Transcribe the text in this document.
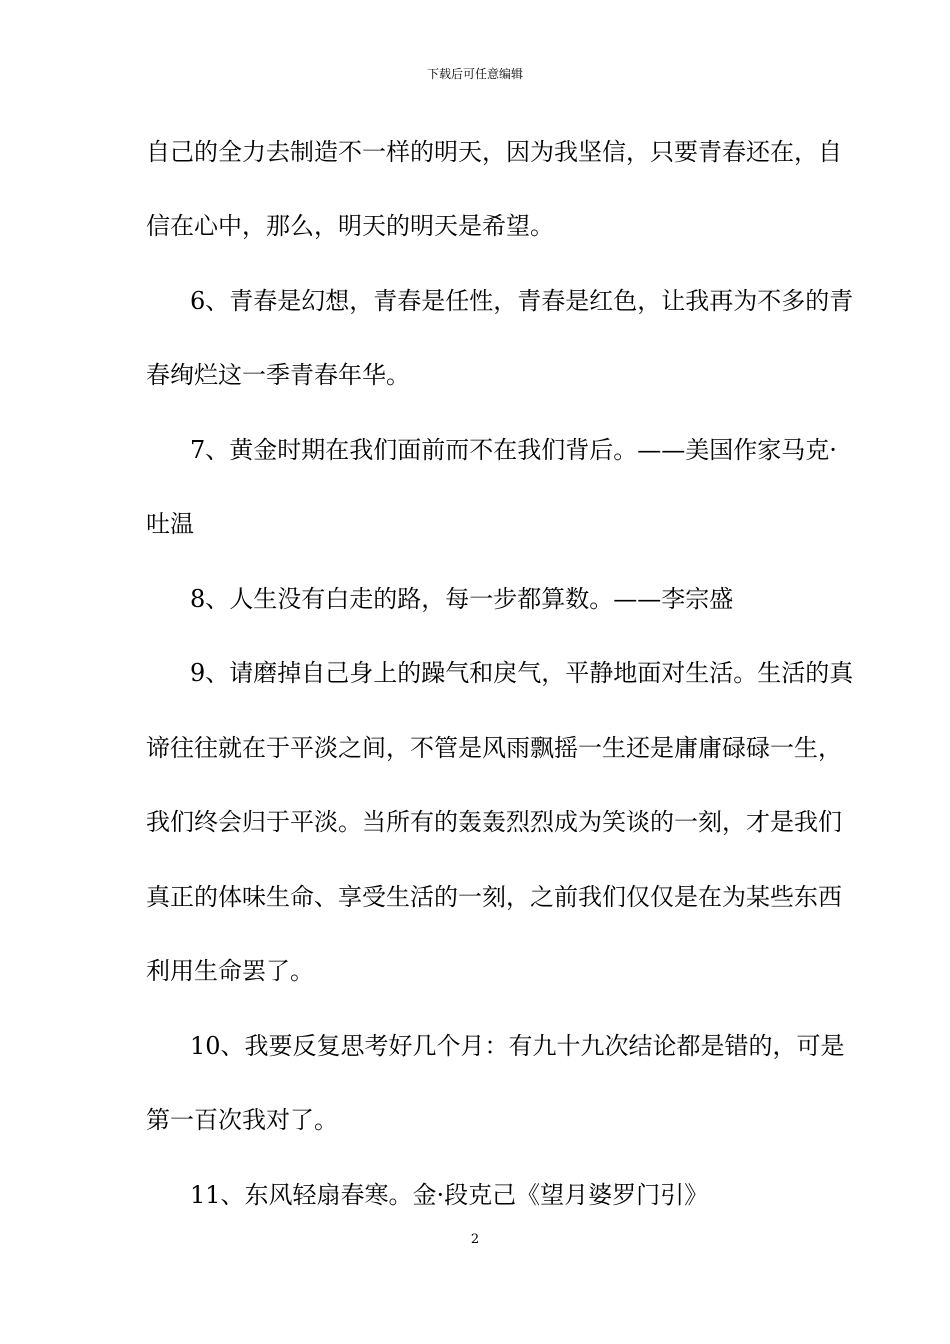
下载后可任意编辑
自己的全力去制造不一样的明天，因为我坚信，只要青春还在，自
信在心中，那么，明天的明天是希望。
6、青春是幻想，青春是任性，青春是红色，让我再为不多的青
春绚烂这一季青春年华。
7、黄金时期在我们面前而不在我们背后。——美国作家马克·
吐温
8、人生没有白走的路，每一步都算数。——李宗盛
9、请磨掉自己身上的躁气和戾气，平静地面对生活。生活的真
谛往往就在于平淡之间，不管是风雨飘摇一生还是庸庸碌碌一生，
我们终会归于平淡。当所有的轰轰烈烈成为笑谈的一刻，才是我们
真正的体味生命、享受生活的一刻，之前我们仅仅是在为某些东西
利用生命罢了。
10、我要反复思考好几个月：有九十九次结论都是错的，可是
第一百次我对了。
11、东风轻扇春寒。金·段克己《望月婆罗门引》
2
